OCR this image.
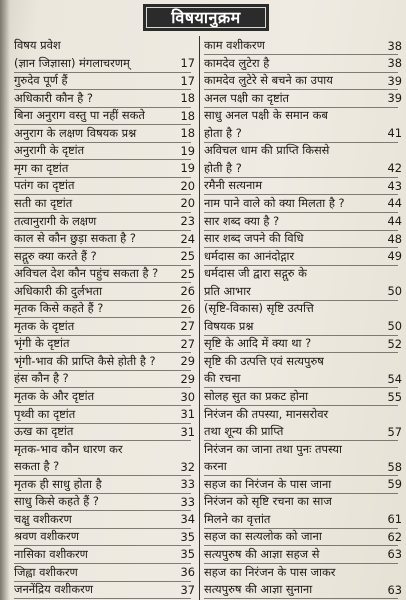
विषयानुक्रम
विषय प्रवेश
(ज्ञान जिज्ञासा) मंगलाचरणम्	17
गुरुदेव पूर्ण हैं	17
अधिकारी कौन है ?	18
बिना अनुराग वस्तु पा नहीं सकते	18
अनुराग के लक्षण विषयक प्रश्न	18
अनुरागी के दृष्टांत	19
मृग का दृष्टांत	19
पतंग का दृष्टांत	20
सती का दृष्टांत	20
तत्वानुरागी के लक्षण	23
काल से कौन छुड़ा सकता है ?	24
सद्गुरु क्या करते हैं ?	25
अविचल देश कौन पहुंच सकता है ?	25
अधिकारी की दुर्लभता	26
मृतक किसे कहते हैं ?	26
मृतक के दृष्टांत	27
भृंगी के दृष्टांत	27
भृंगी-भाव की प्राप्ति कैसे होती है ?	29
हंस कौन है ?	29
मृतक के और दृष्टांत	30
पृथ्वी का दृष्टांत	31
ऊख का दृष्टांत	31
मृतक-भाव कौन धारण कर
सकता है ?	32
मृतक ही साधु होता है	33
साधु किसे कहते हैं ?	33
चक्षु वशीकरण	34
श्रवण वशीकरण	35
नासिका वशीकरण	35
जिह्वा वशीकरण	36
जननेंद्रिय वशीकरण	37
काम वशीकरण	38
कामदेव लुटेरा है	38
कामदेव लुटेरे से बचने का उपाय	39
अनल पक्षी का दृष्टांत	39
साधु अनल पक्षी के समान कब
होता है ?	41
अविचल धाम की प्राप्ति किससे
होती है ?	42
रमैनी सत्यनाम	43
नाम पाने वाले को क्या मिलता है ?	44
सार शब्द क्या है ?	44
सार शब्द जपने की विधि	48
धर्मदास का आनंदोद्गार	49
धर्मदास जी द्वारा सद्गुरु के
प्रति आभार	50
(सृष्टि-विकास) सृष्टि उत्पत्ति
विषयक प्रश्न	50
सृष्टि के आदि में क्या था ?	52
सृष्टि की उत्पत्ति एवं सत्यपुरुष
की रचना	54
सोलह सुत का प्रकट होना	55
निरंजन की तपस्या, मानसरोवर
तथा शून्य की प्राप्ति	57
निरंजन का जाना तथा पुनः तपस्या
करना	58
सहज का निरंजन के पास जाना	59
निरंजन को सृष्टि रचना का साज
मिलने का वृत्तांत	61
सहज का सत्यलोक को जाना	62
सत्यपुरुष की आज्ञा सहज से	63
सहज का निरंजन के पास जाकर
सत्यपुरुष की आज्ञा सुनाना	63
